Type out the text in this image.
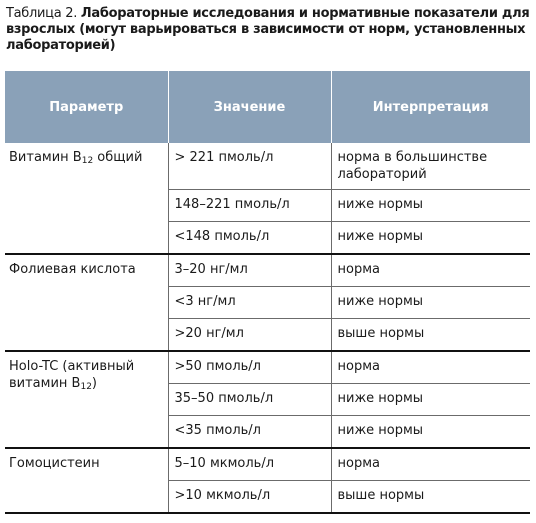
Таблица 2. Лабораторные исследования и нормативные показатели для взрослых (могут варьироваться в зависимости от норм, установленных лабораторией)
Параметр	Значение	Интерпретация
Витамин $B_{12}$ общий	> 221 пмоль/л	норма в большинстве лабораторий
	148–221 пмоль/л	ниже нормы
	<148 пмоль/л	ниже нормы
Фолиевая кислота	3–20 нг/мл	норма
	<3 нг/мл	ниже нормы
	>20 нг/мл	выше нормы
Holo-TC (активный витамин $B_{12}$)	>50 пмоль/л	норма
	35–50 пмоль/л	ниже нормы
	<35 пмоль/л	ниже нормы
Гомоцистеин	5–10 мкмоль/л	норма
	>10 мкмоль/л	выше нормы
